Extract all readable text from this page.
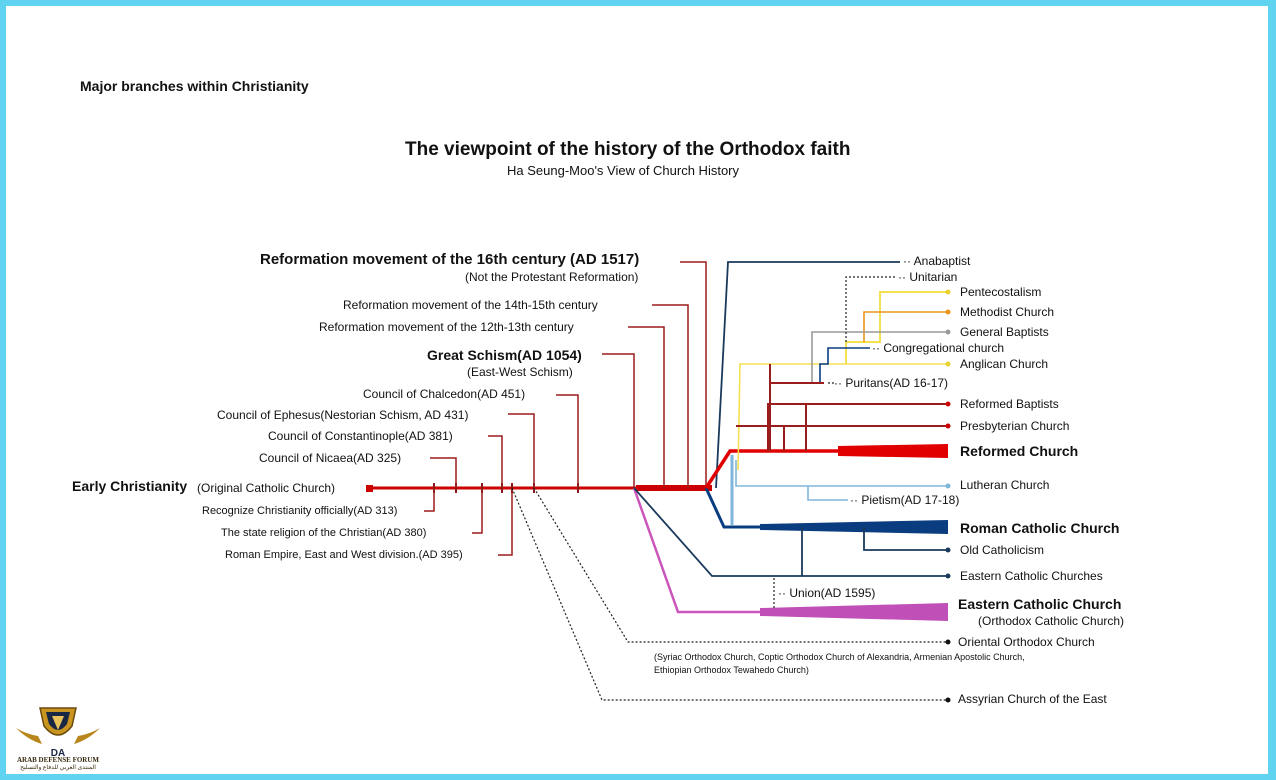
Major branches within Christianity
The viewpoint of the history of the Orthodox faith
Ha Seung-Moo's View of Church History
Reformation movement of the 16th century (AD 1517)
(Not the Protestant Reformation)
Reformation movement of the 14th-15th century
Reformation movement of the 12th-13th century
Great Schism(AD 1054)
(East-West Schism)
Council of Chalcedon(AD 451)
Council of Ephesus(Nestorian Schism, AD 431)
Council of Constantinople(AD 381)
Council of Nicaea(AD 325)
Early Christianity (Original Catholic Church)
Recognize Christianity officially(AD 313)
The state religion of the Christian(AD 380)
Roman Empire, East and West division.(AD 395)
·· Anabaptist
·· Unitarian
Pentecostalism
Methodist Church
General Baptists
·· Congregational church
Anglican Church
·· Puritans(AD 16-17)
Reformed Baptists
Presbyterian Church
Reformed Church
Lutheran Church
·· Pietism(AD 17-18)
Roman Catholic Church
Old Catholicism
Eastern Catholic Churches
·· Union(AD 1595)
Eastern Catholic Church
(Orthodox Catholic Church)
Oriental Orthodox Church
(Syriac Orthodox Church, Coptic Orthodox Church of Alexandria, Armenian Apostolic Church,
Ethiopian Orthodox Tewahedo Church)
Assyrian Church of the East
DA
ARAB DEFENSE FORUM
المنتدى العربي للدفاع والتسليح
